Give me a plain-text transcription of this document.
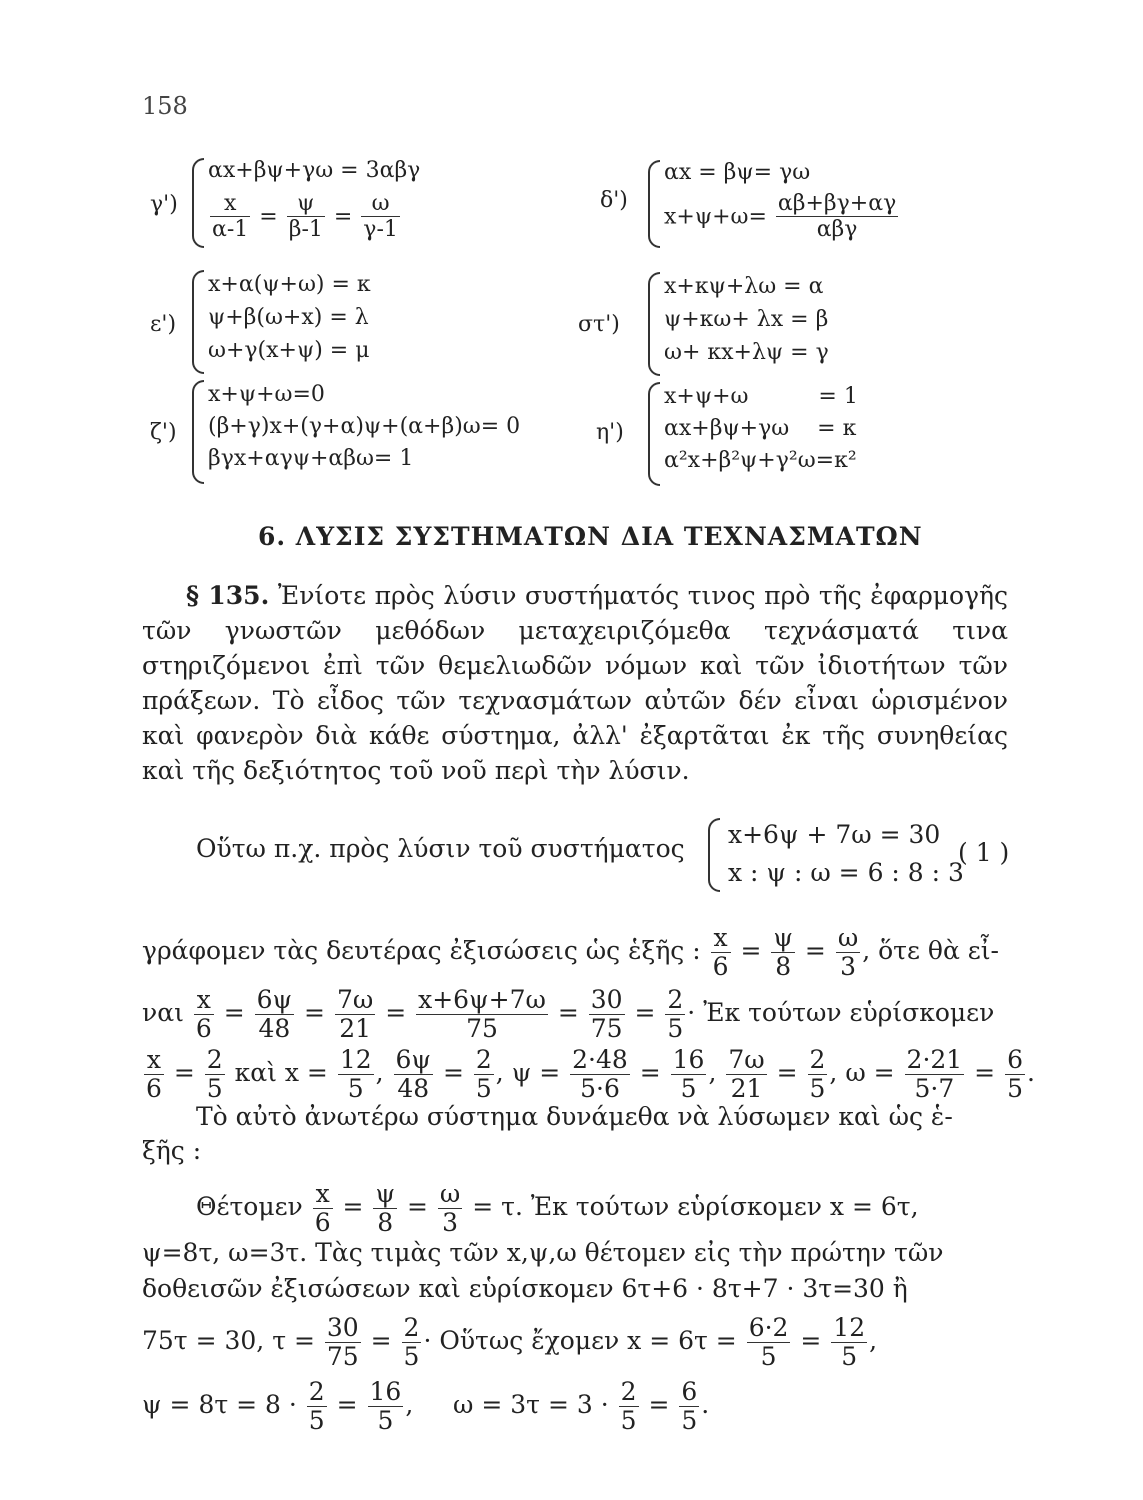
158
γ')
αx+βψ+γω = 3αβγ
$\frac{x}{\alpha-1} = \frac{\psi}{\beta-1} = \frac{\omega}{\gamma-1}$	δ')
αx = βψ= γω
$x+\psi+\omega= \frac{\alpha\beta+\beta\gamma+\alpha\gamma}{\text{αβγ}}$
ε')
x+α(ψ+ω) = κ
ψ+β(ω+x) = λ
ω+γ(x+ψ) = μ
στ')
x+κψ+λω = α
ψ+κω+ λx = β
ω+ κx+λψ = γ
ζ')
x+ψ+ω=0
(β+γ)x+(γ+α)ψ+(α+β)ω= 0
βγx+αγψ+αβω= 1
η')
x+ψ+ω          = 1
αx+βψ+γω    = κ
α²x+β²ψ+γ²ω=κ²
6. ΛΥΣΙΣ ΣΥΣΤΗΜΑΤΩΝ ΔΙΑ ΤΕΧΝΑΣΜΑΤΩΝ
§ 135. Ἐνίοτε πρὸς λύσιν συστήματός τινος πρὸ τῆς ἐφαρμογῆς τῶν γνωστῶν μεθόδων μεταχειριζόμεθα τεχνάσματά τινα στηριζόμενοι ἐπὶ τῶν θεμελιωδῶν νόμων καὶ τῶν ἰδιοτήτων τῶν πράξεων. Τὸ εἶδος τῶν τεχνασμάτων αὐτῶν δέν εἶναι ὡρισμένον καὶ φανερὸν διὰ κάθε σύστημα, ἀλλ' ἐξαρτᾶται ἐκ τῆς συνηθείας καὶ τῆς δεξιότητος τοῦ νοῦ περὶ τὴν λύσιν.
Οὕτω π.χ. πρὸς λύσιν τοῦ συστήματος x+6ψ + 7ω = 30
x : ψ : ω = 6 : 8 : 3
( 1 )
γράφομεν τὰς δευτέρας ἐξισώσεις ὡς ἑξῆς : $\frac{x}{6} = \frac{\psi}{8} = \frac{\omega}{3}$ , ὅτε θὰ εἶ-
ναι $\frac{x}{6} = \frac{6\psi}{48} = \frac{7\omega}{21} = \frac{x+6\psi+7\omega}{75} = \frac{30}{75} = \frac{2}{5}$ · Ἐκ τούτων εὑρίσκομεν
$\frac{x}{6} = \frac{2}{5}$ καὶ $x = \frac{12}{5}$ , $\frac{6\psi}{48} = \frac{2}{5}$ , $\psi = \frac{2\cdot 48}{5\cdot 6} = \frac{16}{5}$ , $\frac{7\omega}{21} = \frac{2}{5}$ , $\omega = \frac{2\cdot 21}{5\cdot 7} = \frac{6}{5}$ .
Τὸ αὐτὸ ἀνωτέρω σύστημα δυνάμεθα νὰ λύσωμεν καὶ ὡς ἑ-
ξῆς :
Θέτομεν $\frac{x}{6} = \frac{\psi}{8} = \frac{\omega}{3} = \tau$. Ἐκ τούτων εὑρίσκομεν x = 6τ,
ψ=8τ, ω=3τ. Τὰς τιμὰς τῶν x,ψ,ω θέτομεν εἰς τὴν πρώτην τῶν
δοθεισῶν ἐξισώσεων καὶ εὑρίσκομεν 6τ+6 · 8τ+7 · 3τ=30 ἢ
75τ = 30, $\tau = \frac{30}{75} = \frac{2}{5}$ · Οὕτως ἔχομεν $x = 6\tau = \frac{6\cdot 2}{5} = \frac{12}{5}$ ,
$\psi = 8\tau = 8 \cdot \frac{2}{5} = \frac{16}{5}$ ,     $\omega = 3\tau = 3 \cdot \frac{2}{5} = \frac{6}{5}$ .
